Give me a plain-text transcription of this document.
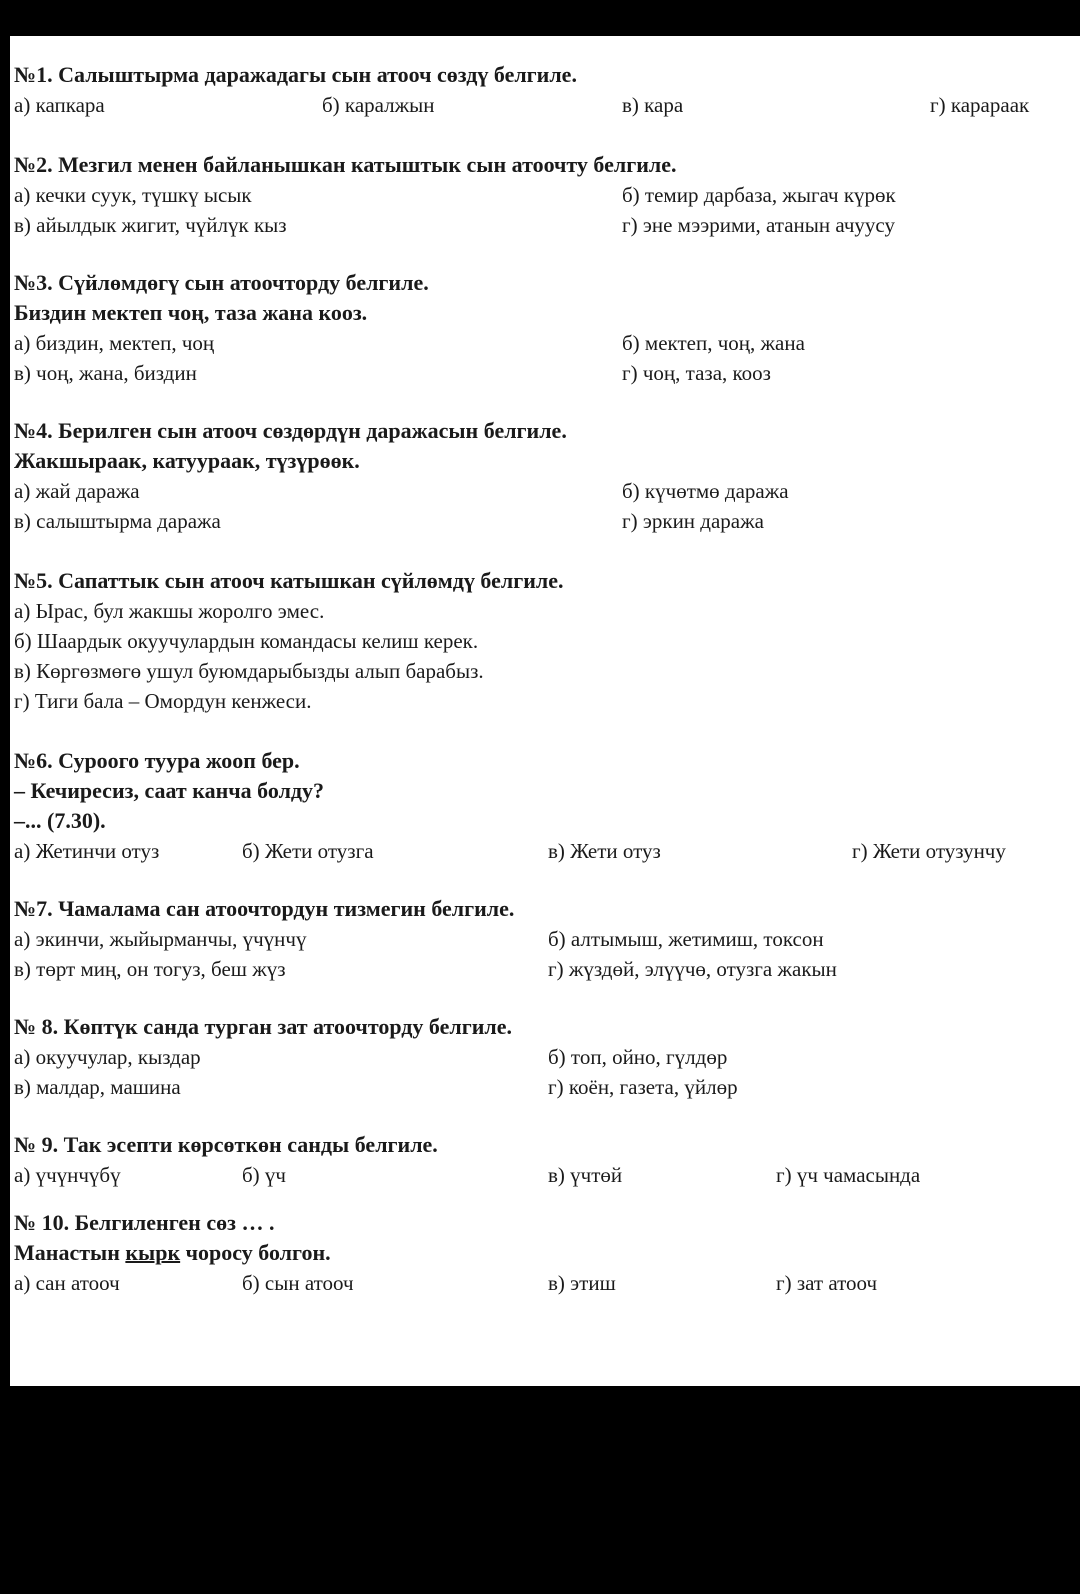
№1. Салыштырма даражадагы сын атооч сөздү белгиле.
а) капкара	б) каралжын	в) кара	г) карараак
№2. Мезгил менен байланышкан катыштык сын атоочту белгиле.
а) кечки суук, түшкү ысык	б) темир дарбаза, жыгач күрөк
в) айылдык жигит, чүйлүк кыз	г) эне мээрими, атанын ачуусу
№3. Сүйлөмдөгү сын атоочторду белгиле.
Биздин мектеп чоң, таза жана кооз.
а) биздин, мектеп, чоң	б) мектеп, чоң, жана
в) чоң, жана, биздин	г) чоң, таза, кооз
№4. Берилген сын атооч сөздөрдүн даражасын белгиле.
Жакшыраак, катуураак, түзүрөөк.
а) жай даража	б) күчөтмө даража
в) салыштырма даража	г) эркин даража
№5. Сапаттык сын атооч катышкан сүйлөмдү белгиле.
а) Ырас, бул жакшы жоролго эмес.
б) Шаардык окуучулардын командасы келиш керек.
в) Көргөзмөгө ушул буюмдарыбызды алып барабыз.
г) Тиги бала – Омордун кенжеси.
№6. Суроого туура жооп бер.
– Кечиресиз, саат канча болду?
–... (7.30).
а) Жетинчи отуз	б) Жети отузга	в) Жети отуз	г) Жети отузунчу
№7. Чамалама сан атоочтордун тизмегин белгиле.
а) экинчи, жыйырманчы, үчүнчү	б) алтымыш, жетимиш, токсон
в) төрт миң, он тогуз, беш жүз	г) жүздөй, элүүчө, отузга жакын
№ 8. Көптүк санда турган зат атоочторду белгиле.
а) окуучулар, кыздар	б) топ, ойно, гүлдөр
в) малдар, машина	г) коён, газета, үйлөр
№ 9. Так эсепти көрсөткөн санды белгиле.
а) үчүнчүбү	б) үч	в) үчтөй	г) үч чамасында
№ 10. Белгиленген сөз … .
Манастын кырк чоросу болгон.
а) сан атооч	б) сын атооч	в) этиш	г) зат атооч
